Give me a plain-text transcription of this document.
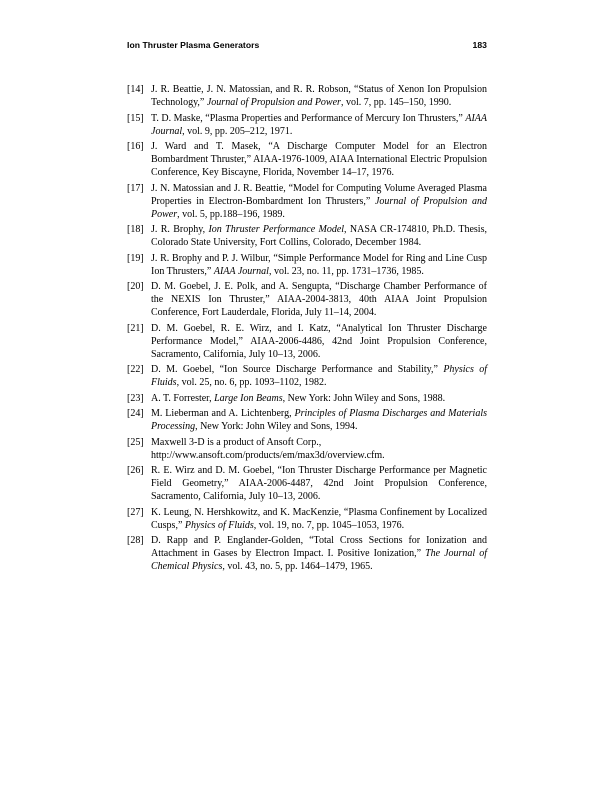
Ion Thruster Plasma Generators	183
[14] J. R. Beattie, J. N. Matossian, and R. R. Robson, “Status of Xenon Ion Propulsion Technology,” Journal of Propulsion and Power, vol. 7, pp. 145–150, 1990.
[15] T. D. Maske, “Plasma Properties and Performance of Mercury Ion Thrusters,” AIAA Journal, vol. 9, pp. 205–212, 1971.
[16] J. Ward and T. Masek, “A Discharge Computer Model for an Electron Bombardment Thruster,” AIAA-1976-1009, AIAA International Electric Propulsion Conference, Key Biscayne, Florida, November 14–17, 1976.
[17] J. N. Matossian and J. R. Beattie, “Model for Computing Volume Averaged Plasma Properties in Electron-Bombardment Ion Thrusters,” Journal of Propulsion and Power, vol. 5, pp.188–196, 1989.
[18] J. R. Brophy, Ion Thruster Performance Model, NASA CR-174810, Ph.D. Thesis, Colorado State University, Fort Collins, Colorado, December 1984.
[19] J. R. Brophy and P. J. Wilbur, “Simple Performance Model for Ring and Line Cusp Ion Thrusters,” AIAA Journal, vol. 23, no. 11, pp. 1731–1736, 1985.
[20] D. M. Goebel, J. E. Polk, and A. Sengupta, “Discharge Chamber Performance of the NEXIS Ion Thruster,” AIAA-2004-3813, 40th AIAA Joint Propulsion Conference, Fort Lauderdale, Florida, July 11–14, 2004.
[21] D. M. Goebel, R. E. Wirz, and I. Katz, “Analytical Ion Thruster Discharge Performance Model,” AIAA-2006-4486, 42nd Joint Propulsion Conference, Sacramento, California, July 10–13, 2006.
[22] D. M. Goebel, “Ion Source Discharge Performance and Stability,” Physics of Fluids, vol. 25, no. 6, pp. 1093–1102, 1982.
[23] A. T. Forrester, Large Ion Beams, New York: John Wiley and Sons, 1988.
[24] M. Lieberman and A. Lichtenberg, Principles of Plasma Discharges and Materials Processing, New York: John Wiley and Sons, 1994.
[25] Maxwell 3-D is a product of Ansoft Corp.,
http://www.ansoft.com/products/em/max3d/overview.cfm.
[26] R. E. Wirz and D. M. Goebel, “Ion Thruster Discharge Performance per Magnetic Field Geometry,” AIAA-2006-4487, 42nd Joint Propulsion Conference, Sacramento, California, July 10–13, 2006.
[27] K. Leung, N. Hershkowitz, and K. MacKenzie, “Plasma Confinement by Localized Cusps,” Physics of Fluids, vol. 19, no. 7, pp. 1045–1053, 1976.
[28] D. Rapp and P. Englander-Golden, “Total Cross Sections for Ionization and Attachment in Gases by Electron Impact. I. Positive Ionization,” The Journal of Chemical Physics, vol. 43, no. 5, pp. 1464–1479, 1965.
